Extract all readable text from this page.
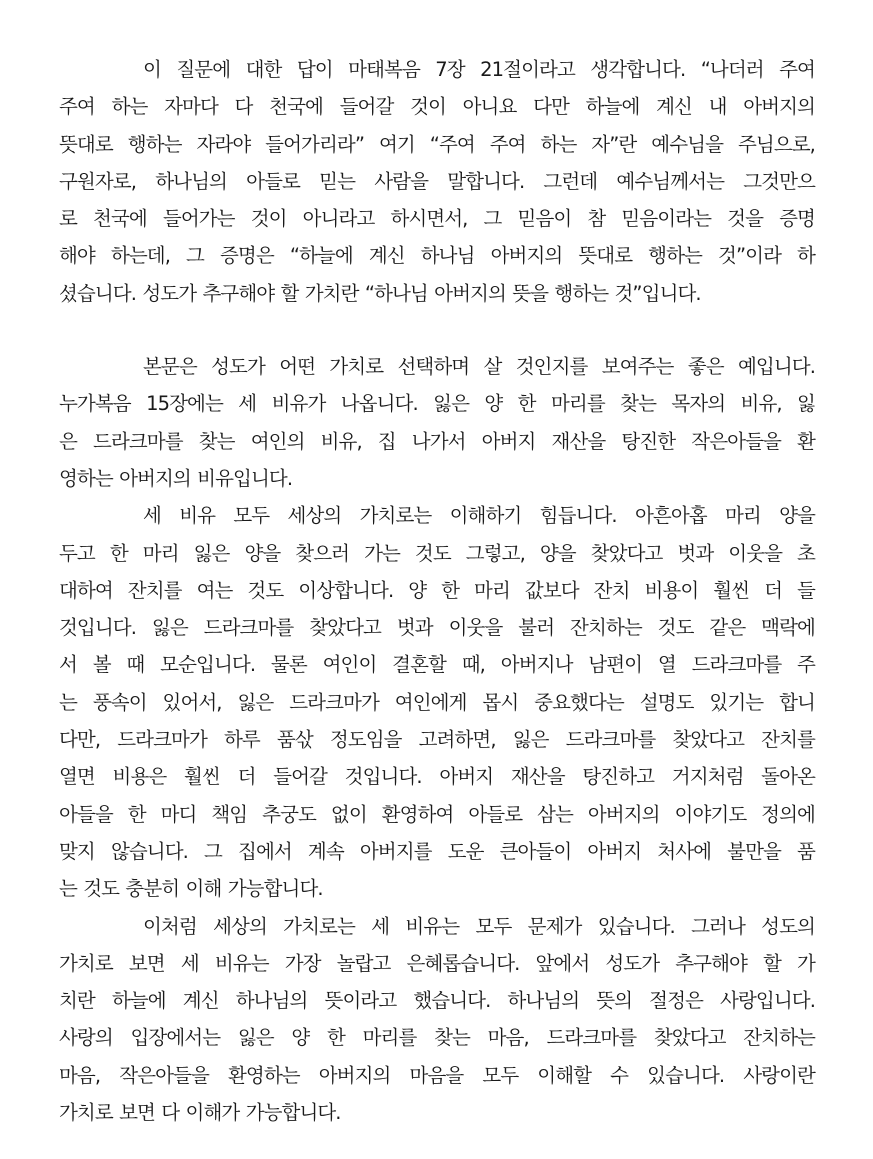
이 질문에 대한 답이 마태복음 7장 21절이라고 생각합니다. “나더러 주여
주여 하는 자마다 다 천국에 들어갈 것이 아니요 다만 하늘에 계신 내 아버지의
뜻대로 행하는 자라야 들어가리라” 여기 “주여 주여 하는 자”란 예수님을 주님으로,
구원자로, 하나님의 아들로 믿는 사람을 말합니다. 그런데 예수님께서는 그것만으
로 천국에 들어가는 것이 아니라고 하시면서, 그 믿음이 참 믿음이라는 것을 증명
해야 하는데, 그 증명은 “하늘에 계신 하나님 아버지의 뜻대로 행하는 것”이라 하
셨습니다. 성도가 추구해야 할 가치란 “하나님 아버지의 뜻을 행하는 것”입니다.
본문은 성도가 어떤 가치로 선택하며 살 것인지를 보여주는 좋은 예입니다.
누가복음 15장에는 세 비유가 나옵니다. 잃은 양 한 마리를 찾는 목자의 비유, 잃
은 드라크마를 찾는 여인의 비유, 집 나가서 아버지 재산을 탕진한 작은아들을 환
영하는 아버지의 비유입니다.
세 비유 모두 세상의 가치로는 이해하기 힘듭니다. 아흔아홉 마리 양을
두고 한 마리 잃은 양을 찾으러 가는 것도 그렇고, 양을 찾았다고 벗과 이웃을 초
대하여 잔치를 여는 것도 이상합니다. 양 한 마리 값보다 잔치 비용이 훨씬 더 들
것입니다. 잃은 드라크마를 찾았다고 벗과 이웃을 불러 잔치하는 것도 같은 맥락에
서 볼 때 모순입니다. 물론 여인이 결혼할 때, 아버지나 남편이 열 드라크마를 주
는 풍속이 있어서, 잃은 드라크마가 여인에게 몹시 중요했다는 설명도 있기는 합니
다만, 드라크마가 하루 품삯 정도임을 고려하면, 잃은 드라크마를 찾았다고 잔치를
열면 비용은 훨씬 더 들어갈 것입니다. 아버지 재산을 탕진하고 거지처럼 돌아온
아들을 한 마디 책임 추궁도 없이 환영하여 아들로 삼는 아버지의 이야기도 정의에
맞지 않습니다. 그 집에서 계속 아버지를 도운 큰아들이 아버지 처사에 불만을 품
는 것도 충분히 이해 가능합니다.
이처럼 세상의 가치로는 세 비유는 모두 문제가 있습니다. 그러나 성도의
가치로 보면 세 비유는 가장 놀랍고 은혜롭습니다. 앞에서 성도가 추구해야 할 가
치란 하늘에 계신 하나님의 뜻이라고 했습니다. 하나님의 뜻의 절정은 사랑입니다.
사랑의 입장에서는 잃은 양 한 마리를 찾는 마음, 드라크마를 찾았다고 잔치하는
마음, 작은아들을 환영하는 아버지의 마음을 모두 이해할 수 있습니다. 사랑이란
가치로 보면 다 이해가 가능합니다.
